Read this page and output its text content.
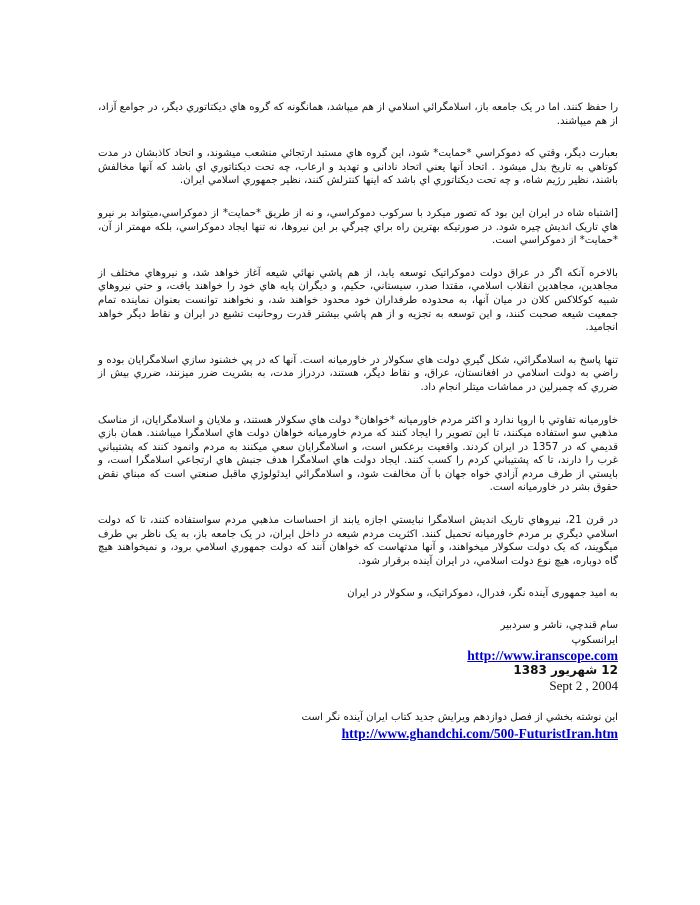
را حفظ كنند. اما در يک جامعه باز، اسلامگرائي اسلامي از هم ميپاشد، همانگونه كه گروه هاي ديكتاتوري ديگر، در جوامع آزاد، از هم ميپاشند.

بعبارت ديگر، وقتي كه دموكراسي *حمايت* شود، اين گروه هاي مستبد ارتجائي منشعب ميشوند، و اتحاد كاذبشان در مدت كوتاهي به تاريخ بدل ميشود . اتحاد آنها يعني اتحاد نادانی و تهديد و ارعاب، چه تحت ديكتاتوري اي باشد كه آنها مخالفش باشند، نظير رژيم شاه، و چه تحت ديكتاتوري اي باشد كه اينها كنترلش كنند، نظير جمهوري اسلامي ايران.

[اشتباه شاه در ايران اين بود كه تصور ميكرد با سركوب دموكراسي، و نه از طريق *حمايت* از دموكراسي،ميتواند بر نيرو هاي تاريک انديش چيره شود. در صورتيكه بهترين راه براي چيرگي بر اين نيروها، نه تنها ايجاد دموكراسي، بلكه مهمتر از آن، *حمايت* از دموكراسي است.

بالاخره آنكه اگر در عراق دولت دموكراتيک توسعه يابد، از هم پاشي نهائي شيعه آغاز خواهد شد، و نيروهاي مختلف از مجاهدين، مجاهدين انقلاب اسلامي، مقتدا صدر، سيستاني، حكيم، و ديگران پايه هاي خود را خواهند يافت، و حتي نيروهاي شبيه كوكلاكس كلان در ميان آنها، به محدوده طرفداران خود محدود خواهند شد، و نخواهند توانست بعنوان نماينده تمام جمعيت شيعه صحبت كنند، و اين توسعه به تجزيه و از هم پاشي بيشتر قدرت روحانيت تشيع در ايران و نقاط ديگر خواهد انجاميد.

تنها پاسخ به اسلامگرائي، شكل گيري دولت هاي سكولار در خاورميانه است. آنها كه در پي خشنود سازي اسلامگرايان بوده و راضي به دولت اسلامي در افغانستان، عراق، و نقاط ديگر، هستند، دردراز مدت، به بشريت ضرر ميزنند، ضرري بيش از ضرري كه چمبرلين در مماشات ميتلر انجام داد.

خاورميانه تفاوتي با اروپا ندارد و اكثر مردم خاورميانه *خواهان* دولت هاي سكولار هستند، و ملايان و اسلامگرايان، از مناسک مذهبي سو استفاده ميكنند، تا اين تصوير را ايجاد كنند كه مردم خاورميانه خواهان دولت هاي اسلامگرا ميباشند. همان بازي قديمي كه در 1357 در ايران كردند. واقعيت برعكس است، و اسلامگرايان سعي ميكنند به مردم وانمود كنند كه پشتيباني غرب را دارند، تا كه پشتيباني كردم را كسب كنند. ايجاد دولت هاي اسلامگرا هدف جنبش هاي ارتجاعي اسلامگرا است، و بايستي از طرف مردم آزادي خواه جهان با آن مخالفت شود، و اسلامگرائي ايدئولوژي ماقبل صنعتي است كه مبناي نقض حقوق بشر در خاورميانه است.

در قرن 21، نيروهاي تاريک انديش اسلامگرا نبايستي اجازه يابند از احساسات مذهبي مردم سواستفاده كنند، تا كه دولت اسلامي ديگري بر مردم خاورميانه تحميل كنند. اكثريت مردم شيعه در داخل ايران، در يک جامعه باز، به يک ناظر بي طرف ميگويند، كه يک دولت سكولار ميخواهند، و آنها مدتهاست كه خواهان آنند كه دولت جمهوري اسلامي برود، و نميخواهند هيچ گاه دوباره، هيچ نوع دولت اسلامي، در ايران آينده برقرار شود.

به اميد جمهوری آينده نگر، فدرال، دموكراتيک، و سكولار در ايران

سام قندچي، ناشر و سردبير
ايرانسكوپ
http://www.iranscope.com
12 شهريور 1383
Sept 2 , 2004
اين نوشته بخشي از فصل دوازدهم ويرايش جديد كتاب ايران آينده نگر است
http://www.ghandchi.com/500-FuturistIran.htm
